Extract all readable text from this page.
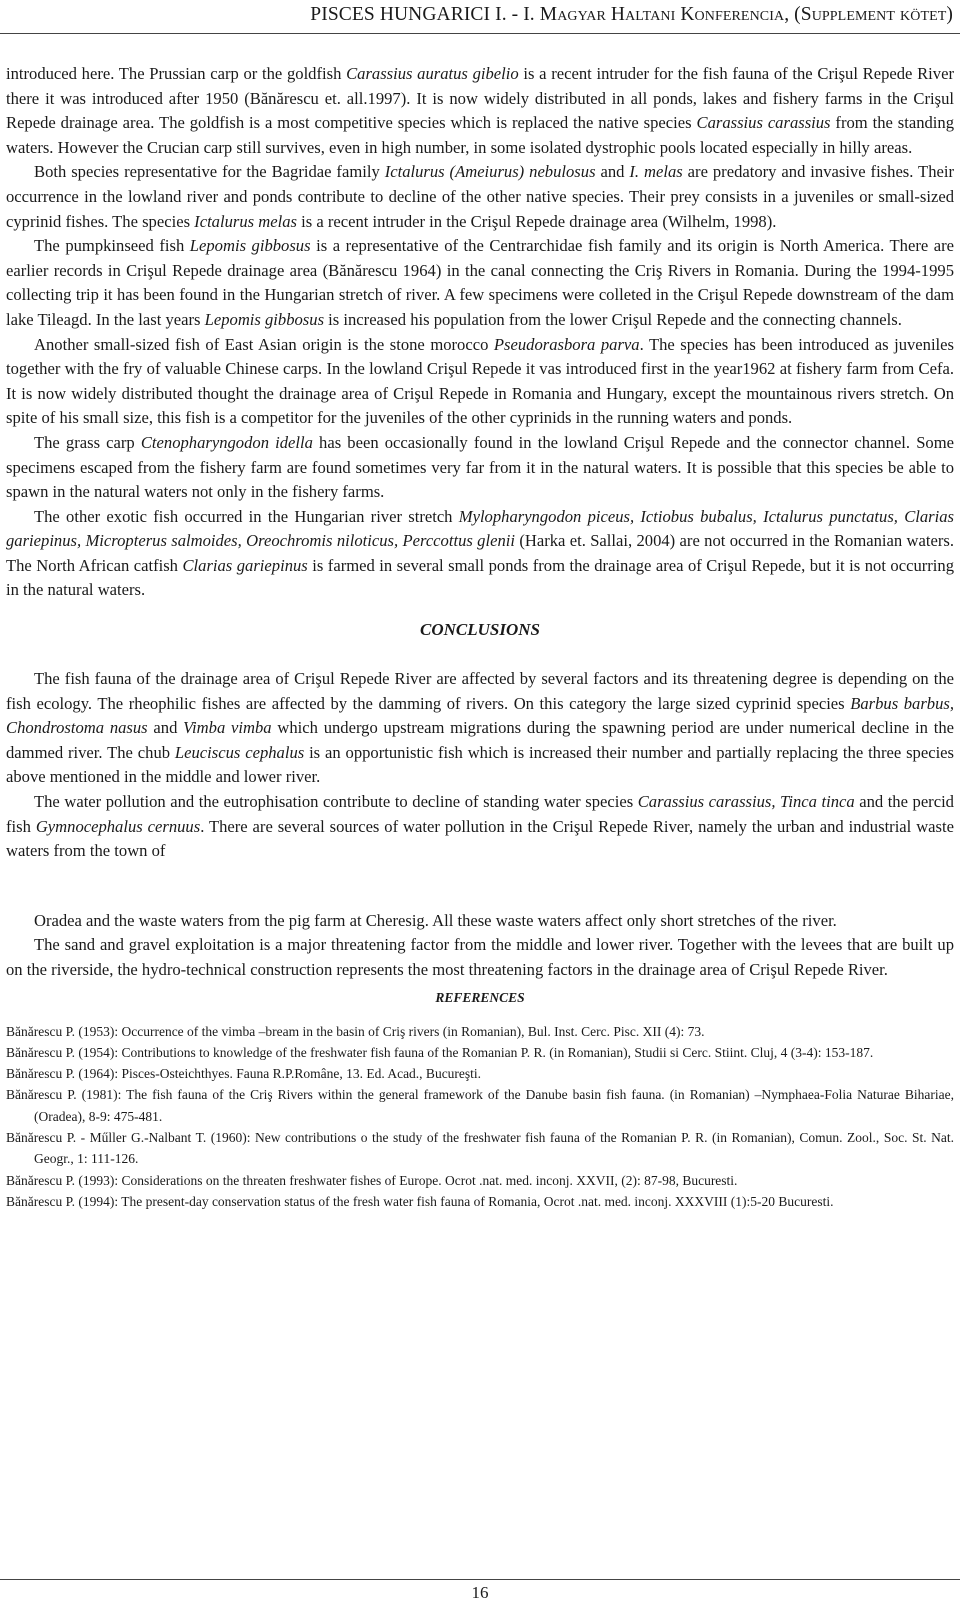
PISCES HUNGARICI I. - I. Magyar Haltani Konferencia, (Supplement kötet)

introduced here. The Prussian carp or the goldfish Carassius auratus gibelio is a recent intruder for the fish fauna of the Crişul Repede River there it was introduced after 1950 (Bănărescu et. all.1997). It is now widely distributed in all ponds, lakes and fishery farms in the Crişul Repede drainage area. The goldfish is a most competitive species which is replaced the native species Carassius carassius from the standing waters. However the Crucian carp still survives, even in high number, in some isolated dystrophic pools located especially in hilly areas.

Both species representative for the Bagridae family Ictalurus (Ameiurus) nebulosus and I. melas are predatory and invasive fishes. Their occurrence in the lowland river and ponds contribute to decline of the other native species. Their prey consists in a juveniles or small-sized cyprinid fishes. The species Ictalurus melas is a recent intruder in the Crişul Repede drainage area (Wilhelm, 1998).

The pumpkinseed fish Lepomis gibbosus is a representative of the Centrarchidae fish family and its origin is North America. There are earlier records in Crişul Repede drainage area (Bănărescu 1964) in the canal connecting the Criş Rivers in Romania. During the 1994-1995 collecting trip it has been found in the Hungarian stretch of river. A few specimens were colleted in the Crişul Repede downstream of the dam lake Tileagd. In the last years Lepomis gibbosus is increased his population from the lower Crişul Repede and the connecting channels.

Another small-sized fish of East Asian origin is the stone morocco Pseudorasbora parva. The species has been introduced as juveniles together with the fry of valuable Chinese carps. In the lowland Crişul Repede it vas introduced first in the year1962 at fishery farm from Cefa. It is now widely distributed thought the drainage area of Crişul Repede in Romania and Hungary, except the mountainous rivers stretch. On spite of his small size, this fish is a competitor for the juveniles of the other cyprinids in the running waters and ponds.

The grass carp Ctenopharyngodon idella has been occasionally found in the lowland Crişul Repede and the connector channel. Some specimens escaped from the fishery farm are found sometimes very far from it in the natural waters. It is possible that this species be able to spawn in the natural waters not only in the fishery farms.

The other exotic fish occurred in the Hungarian river stretch Mylopharyngodon piceus, Ictiobus bubalus, Ictalurus punctatus, Clarias gariepinus, Micropterus salmoides, Oreochromis niloticus, Perccottus glenii (Harka et. Sallai, 2004) are not occurred in the Romanian waters. The North African catfish Clarias gariepinus is farmed in several small ponds from the drainage area of Crişul Repede, but it is not occurring in the natural waters.

CONCLUSIONS

The fish fauna of the drainage area of Crişul Repede River are affected by several factors and its threatening degree is depending on the fish ecology. The rheophilic fishes are affected by the damming of rivers. On this category the large sized cyprinid species Barbus barbus, Chondrostoma nasus and Vimba vimba which undergo upstream migrations during the spawning period are under numerical decline in the dammed river. The chub Leuciscus cephalus is an opportunistic fish which is increased their number and partially replacing the three species above mentioned in the middle and lower river.

The water pollution and the eutrophisation contribute to decline of standing water species Carassius carassius, Tinca tinca and the percid fish Gymnocephalus cernuus. There are several sources of water pollution in the Crişul Repede River, namely the urban and industrial waste waters from the town of

Oradea and the waste waters from the pig farm at Cheresig. All these waste waters affect only short stretches of the river.

The sand and gravel exploitation is a major threatening factor from the middle and lower river. Together with the levees that are built up on the riverside, the hydro-technical construction represents the most threatening factors in the drainage area of Crişul Repede River.

REFERENCES
Bănărescu P. (1953): Occurrence of the vimba –bream in the basin of Criş rivers (in Romanian), Bul. Inst. Cerc. Pisc. XII (4): 73.
Bănărescu P. (1954): Contributions to knowledge of the freshwater fish fauna of the Romanian P. R. (in Romanian), Studii si Cerc. Stiint. Cluj, 4 (3-4): 153-187.
Bănărescu P. (1964): Pisces-Osteichthyes. Fauna R.P.Române, 13. Ed. Acad., Bucureşti.
Bănărescu P. (1981): The fish fauna of the Criş Rivers within the general framework of the Danube basin fish fauna. (in Romanian) –Nymphaea-Folia Naturae Bihariae, (Oradea), 8-9: 475-481.
Bănărescu P. - Műller G.-Nalbant T. (1960): New contributions o the study of the freshwater fish fauna of the Romanian P. R. (in Romanian), Comun. Zool., Soc. St. Nat. Geogr., 1: 111-126.
Bănărescu P. (1993): Considerations on the threaten freshwater fishes of Europe. Ocrot .nat. med. inconj. XXVII, (2): 87-98, Bucuresti.
Bănărescu P. (1994): The present-day conservation status of the fresh water fish fauna of Romania, Ocrot .nat. med. inconj. XXXVIII (1):5-20 Bucuresti.
16
